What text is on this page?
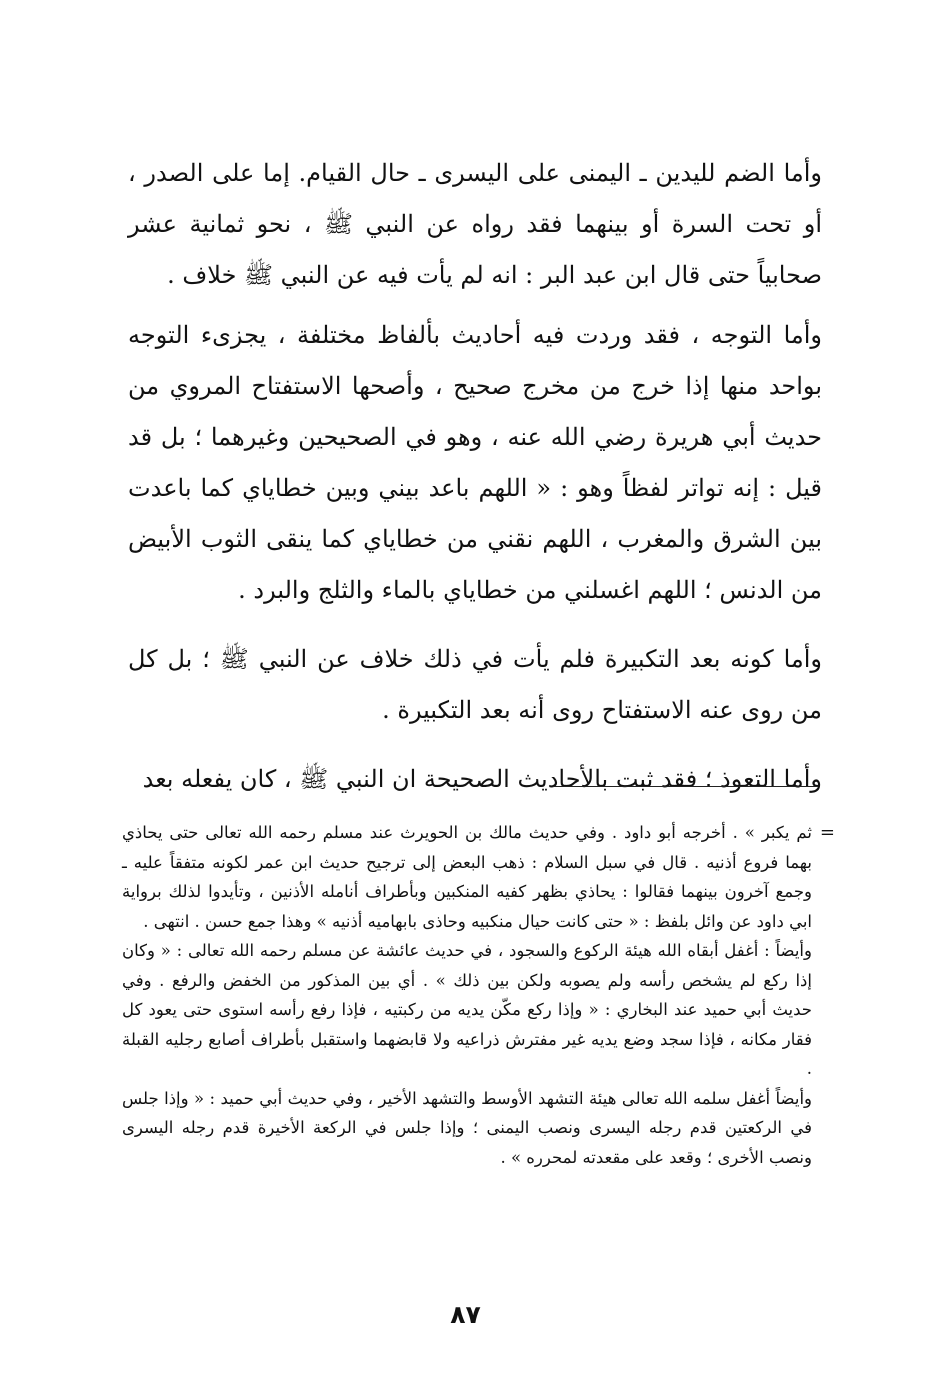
وأما الضم لليدين ـ اليمنى على اليسرى ـ حال القيام. إما على الصدر ، أو تحت السرة أو بينهما فقد رواه عن النبي ﷺ ، نحو ثمانية عشر صحابياً حتى قال ابن عبد البر : انه لم يأت فيه عن النبي ﷺ خلاف .

وأما التوجه ، فقد وردت فيه أحاديث بألفاظ مختلفة ، يجزىء التوجه بواحد منها إذا خرج من مخرج صحيح ، وأصحها الاستفتاح المروي من حديث أبي هريرة رضي الله عنه ، وهو في الصحيحين وغيرهما ؛ بل قد قيل : إنه تواتر لفظاً وهو : « اللهم باعد بيني وبين خطاياي كما باعدت بين الشرق والمغرب ، اللهم نقني من خطاياي كما ينقى الثوب الأبيض من الدنس ؛ اللهم اغسلني من خطاياي بالماء والثلج والبرد .

وأما كونه بعد التكبيرة فلم يأت في ذلك خلاف عن النبي ﷺ ؛ بل كل من روى عنه الاستفتاح روى أنه بعد التكبيرة .

وأما التعوذ ؛ فقد ثبت بالأحاديث الصحيحة ان النبي ﷺ ، كان يفعله بعد

=

ثم يكبر » . أخرجه أبو داود . وفي حديث مالك بن الحويرث عند مسلم رحمه الله تعالى حتى يحاذي بهما فروع أذنيه . قال في سبل السلام : ذهب البعض إلى ترجيح حديث ابن عمر لكونه متفقاً عليه ـ وجمع آخرون بينهما فقالوا : يحاذي بظهر كفيه المنكبين وبأطراف أنامله الأذنين ، وتأيدوا لذلك برواية ابي داود عن وائل بلفظ : « حتى كانت حيال منكبيه وحاذى بابهاميه أذنيه » وهذا جمع حسن . انتهى .

وأيضاً : أغفل أبقاه الله هيئة الركوع والسجود ، في حديث عائشة عن مسلم رحمه الله تعالى : « وكان إذا ركع لم يشخص رأسه ولم يصوبه ولكن بين ذلك » . أي بين المذكور من الخفض والرفع . وفي حديث أبي حميد عند البخاري : « وإذا ركع مكّن يديه من ركبتيه ، فإذا رفع رأسه استوى حتى يعود كل فقار مكانه ، فإذا سجد وضع يديه غير مفترش ذراعيه ولا قابضهما واستقبل بأطراف أصابع رجليه القبلة .

وأيضاً أغفل سلمه الله تعالى هيئة التشهد الأوسط والتشهد الأخير ، وفي حديث أبي حميد : « وإذا جلس في الركعتين قدم رجله اليسرى ونصب اليمنى ؛ وإذا جلس في الركعة الأخيرة قدم رجله اليسرى ونصب الأخرى ؛ وقعد على مقعدته لمحرره » .

٨٧
